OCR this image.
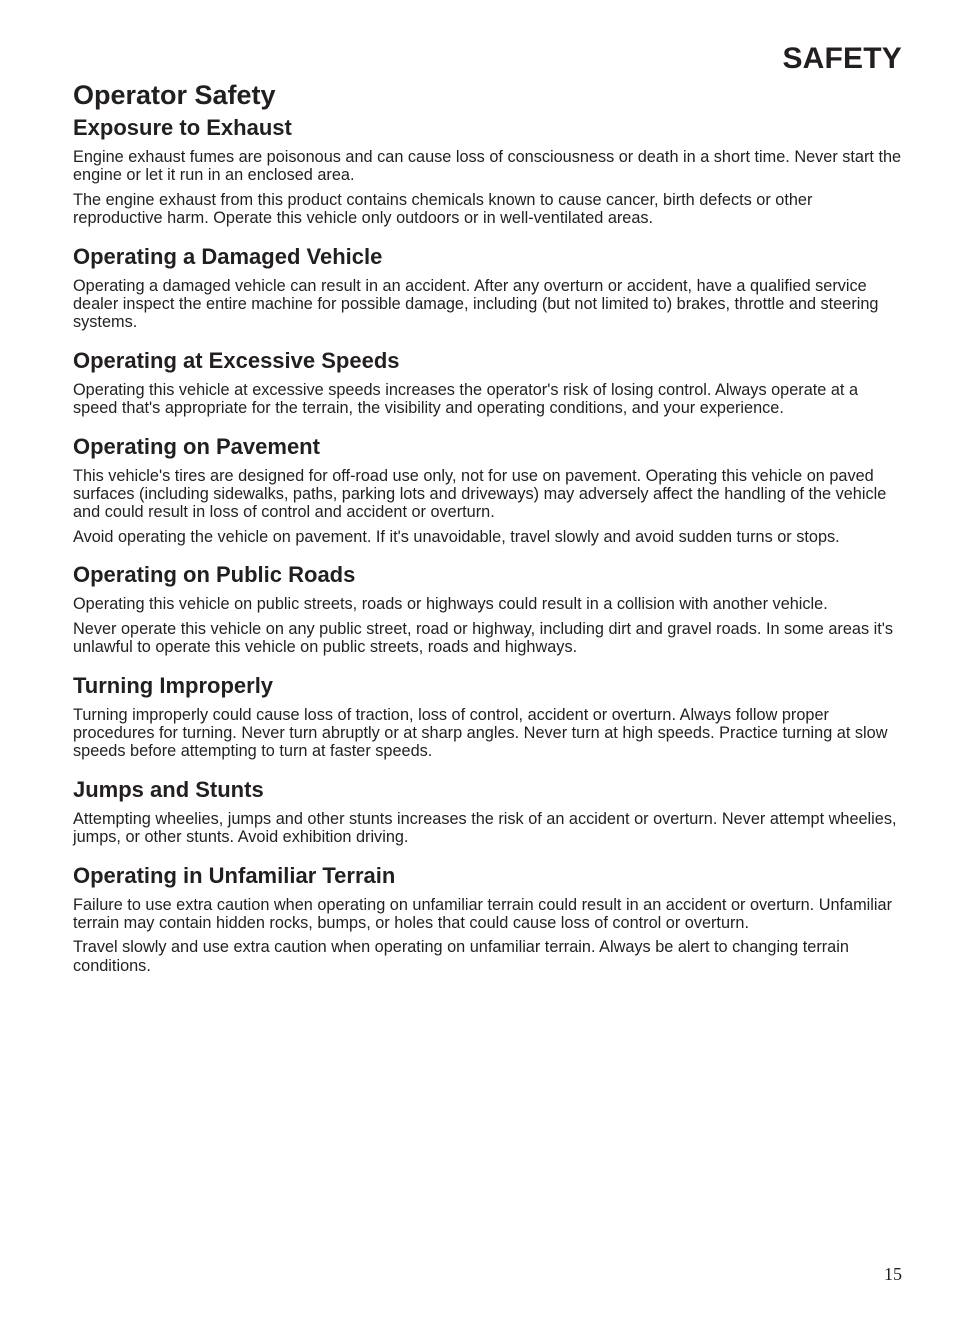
SAFETY
Operator Safety
Exposure to Exhaust

Engine exhaust fumes are poisonous and can cause loss of consciousness or death in a short time. Never start the engine or let it run in an enclosed area.

The engine exhaust from this product contains chemicals known to cause cancer, birth defects or other reproductive harm. Operate this vehicle only outdoors or in well-ventilated areas.

Operating a Damaged Vehicle

Operating a damaged vehicle can result in an accident. After any overturn or accident, have a qualified service dealer inspect the entire machine for possible damage, including (but not limited to) brakes, throttle and steering systems.

Operating at Excessive Speeds

Operating this vehicle at excessive speeds increases the operator's risk of losing control. Always operate at a speed that's appropriate for the terrain, the visibility and operating conditions, and your experience.

Operating on Pavement

This vehicle's tires are designed for off-road use only, not for use on pavement. Operating this vehicle on paved surfaces (including sidewalks, paths, parking lots and driveways) may adversely affect the handling of the vehicle and could result in loss of control and accident or overturn.

Avoid operating the vehicle on pavement. If it's unavoidable, travel slowly and avoid sudden turns or stops.

Operating on Public Roads

Operating this vehicle on public streets, roads or highways could result in a collision with another vehicle.

Never operate this vehicle on any public street, road or highway, including dirt and gravel roads. In some areas it's unlawful to operate this vehicle on public streets, roads and highways.

Turning Improperly

Turning improperly could cause loss of traction, loss of control, accident or overturn. Always follow proper procedures for turning. Never turn abruptly or at sharp angles. Never turn at high speeds. Practice turning at slow speeds before attempting to turn at faster speeds.

Jumps and Stunts

Attempting wheelies, jumps and other stunts increases the risk of an accident or overturn. Never attempt wheelies, jumps, or other stunts. Avoid exhibition driving.

Operating in Unfamiliar Terrain

Failure to use extra caution when operating on unfamiliar terrain could result in an accident or overturn. Unfamiliar terrain may contain hidden rocks, bumps, or holes that could cause loss of control or overturn.

Travel slowly and use extra caution when operating on unfamiliar terrain. Always be alert to changing terrain conditions.

15
